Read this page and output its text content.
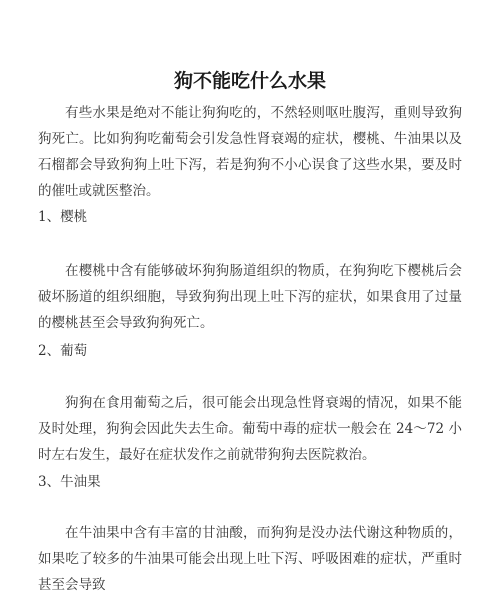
狗不能吃什么水果

有些水果是绝对不能让狗狗吃的，不然轻则呕吐腹泻，重则导致狗狗死亡。比如狗狗吃葡萄会引发急性肾衰竭的症状，樱桃、牛油果以及石榴都会导致狗狗上吐下泻，若是狗狗不小心误食了这些水果，要及时的催吐或就医整治。

1、樱桃

在樱桃中含有能够破坏狗狗肠道组织的物质，在狗狗吃下樱桃后会破坏肠道的组织细胞，导致狗狗出现上吐下泻的症状，如果食用了过量的樱桃甚至会导致狗狗死亡。

2、葡萄

狗狗在食用葡萄之后，很可能会出现急性肾衰竭的情况，如果不能及时处理，狗狗会因此失去生命。葡萄中毒的症状一般会在 24～72 小时左右发生，最好在症状发作之前就带狗狗去医院救治。

3、牛油果

在牛油果中含有丰富的甘油酸，而狗狗是没办法代谢这种物质的，如果吃了较多的牛油果可能会出现上吐下泻、呼吸困难的症状，严重时甚至会导致
